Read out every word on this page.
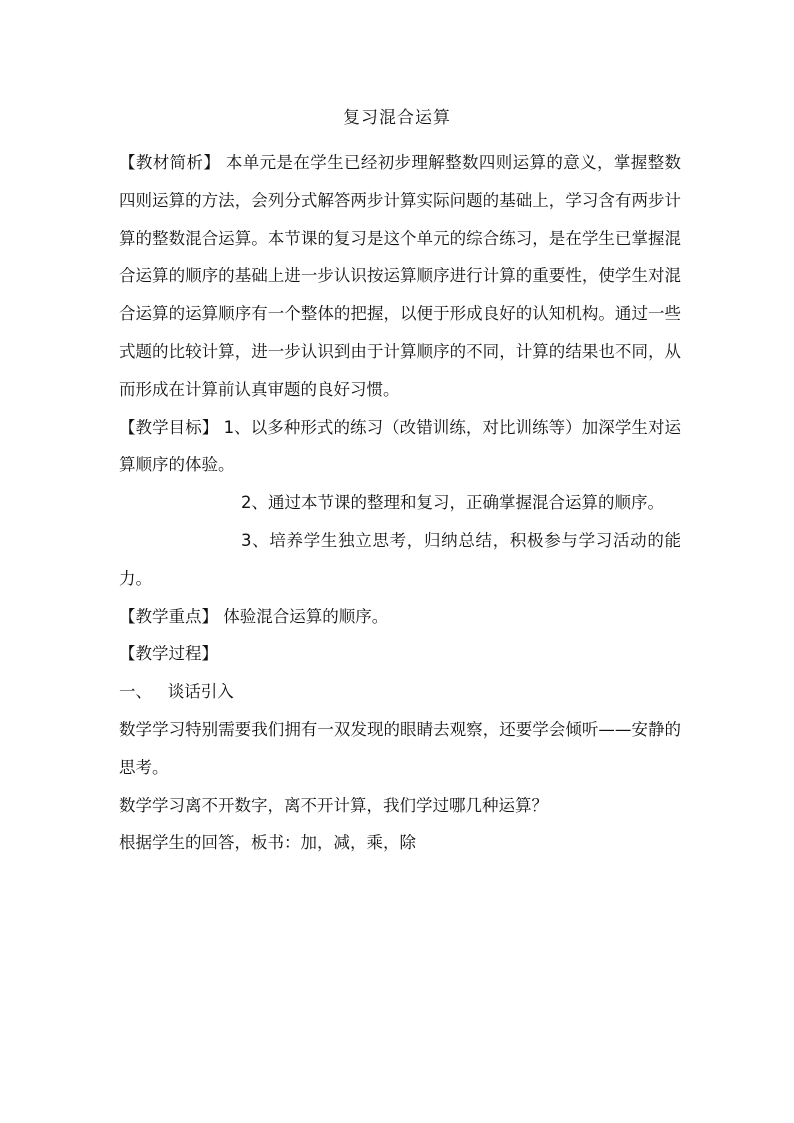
复习混合运算

【教材简析】 本单元是在学生已经初步理解整数四则运算的意义，掌握整数四则运算的方法，会列分式解答两步计算实际问题的基础上，学习含有两步计算的整数混合运算。本节课的复习是这个单元的综合练习，是在学生已掌握混合运算的顺序的基础上进一步认识按运算顺序进行计算的重要性，使学生对混合运算的运算顺序有一个整体的把握，以便于形成良好的认知机构。通过一些式题的比较计算，进一步认识到由于计算顺序的不同，计算的结果也不同，从而形成在计算前认真审题的良好习惯。

【教学目标】 1、以多种形式的练习（改错训练，对比训练等）加深学生对运算顺序的体验。

2、通过本节课的整理和复习，正确掌握混合运算的顺序。

3、培养学生独立思考，归纳总结，积极参与学习活动的能力。

【教学重点】 体验混合运算的顺序。

【教学过程】

一、   谈话引入

数学学习特别需要我们拥有一双发现的眼睛去观察，还要学会倾听——安静的思考。

数学学习离不开数字，离不开计算，我们学过哪几种运算？

根据学生的回答，板书：加，减，乘，除
